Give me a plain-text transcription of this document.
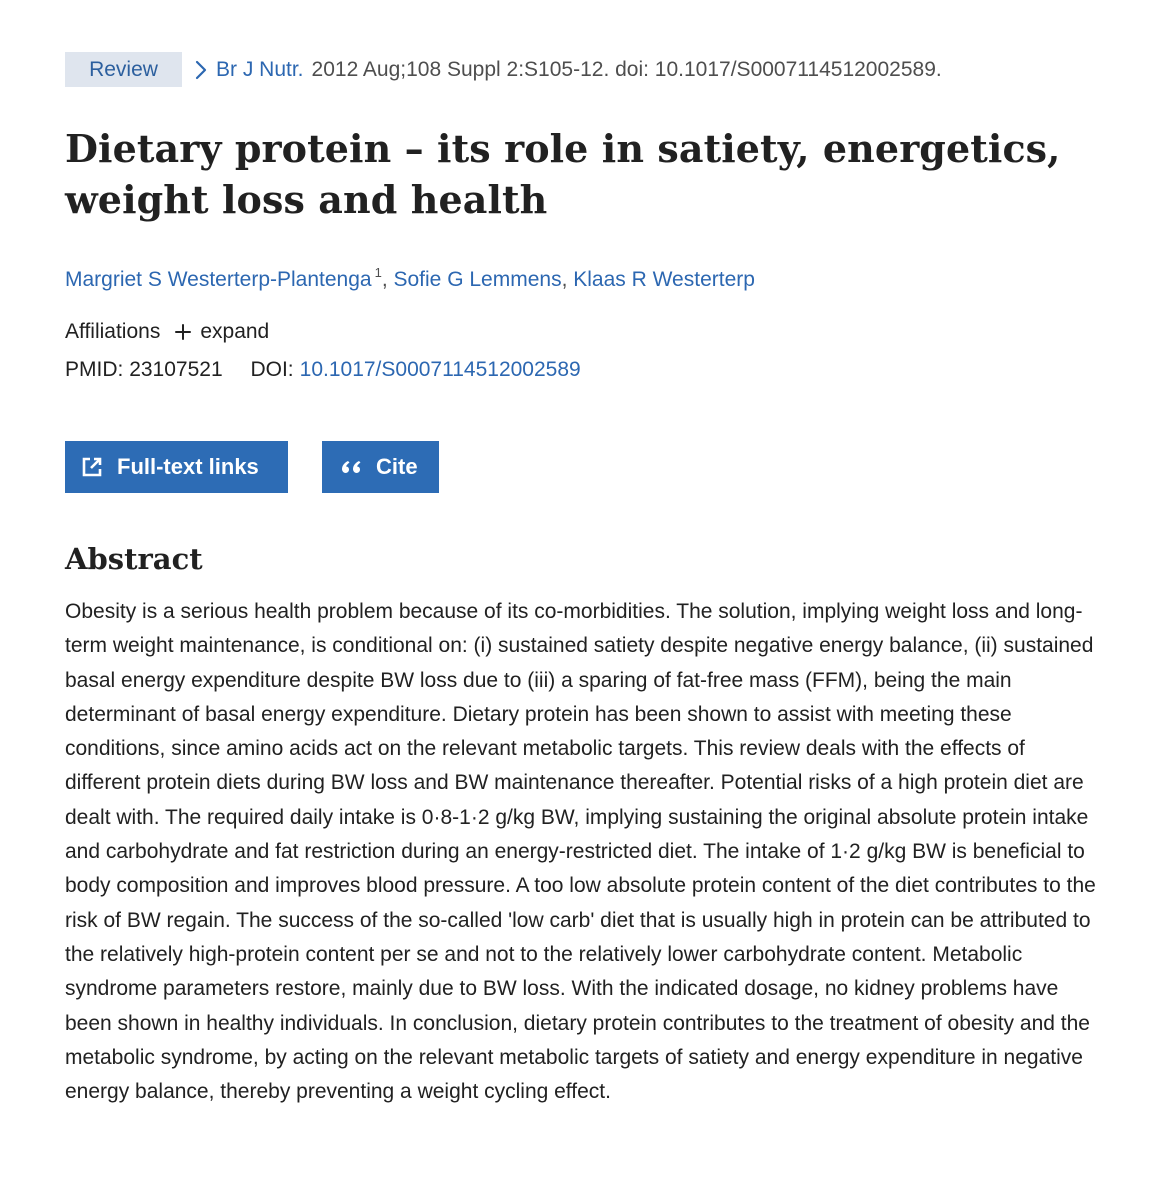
Review	Br J Nutr. 2012 Aug;108 Suppl 2:S105-12. doi: 10.1017/S0007114512002589.
Dietary protein – its role in satiety, energetics, weight loss and health
Margriet S Westerterp-Plantenga $^1$, Sofie G Lemmens, Klaas R Westerterp
Affiliations expand
PMID: 23107521 DOI: 10.1017/S0007114512002589
Full-text links	Cite
Abstract
Obesity is a serious health problem because of its co-morbidities. The solution, implying weight loss and long-term weight maintenance, is conditional on: (i) sustained satiety despite negative energy balance, (ii) sustained basal energy expenditure despite BW loss due to (iii) a sparing of fat-free mass (FFM), being the main determinant of basal energy expenditure. Dietary protein has been shown to assist with meeting these conditions, since amino acids act on the relevant metabolic targets. This review deals with the effects of different protein diets during BW loss and BW maintenance thereafter. Potential risks of a high protein diet are dealt with. The required daily intake is 0·8-1·2 g/kg BW, implying sustaining the original absolute protein intake and carbohydrate and fat restriction during an energy-restricted diet. The intake of 1·2 g/kg BW is beneficial to body composition and improves blood pressure. A too low absolute protein content of the diet contributes to the risk of BW regain. The success of the so-called 'low carb' diet that is usually high in protein can be attributed to the relatively high-protein content per se and not to the relatively lower carbohydrate content. Metabolic syndrome parameters restore, mainly due to BW loss. With the indicated dosage, no kidney problems have been shown in healthy individuals. In conclusion, dietary protein contributes to the treatment of obesity and the metabolic syndrome, by acting on the relevant metabolic targets of satiety and energy expenditure in negative energy balance, thereby preventing a weight cycling effect.
